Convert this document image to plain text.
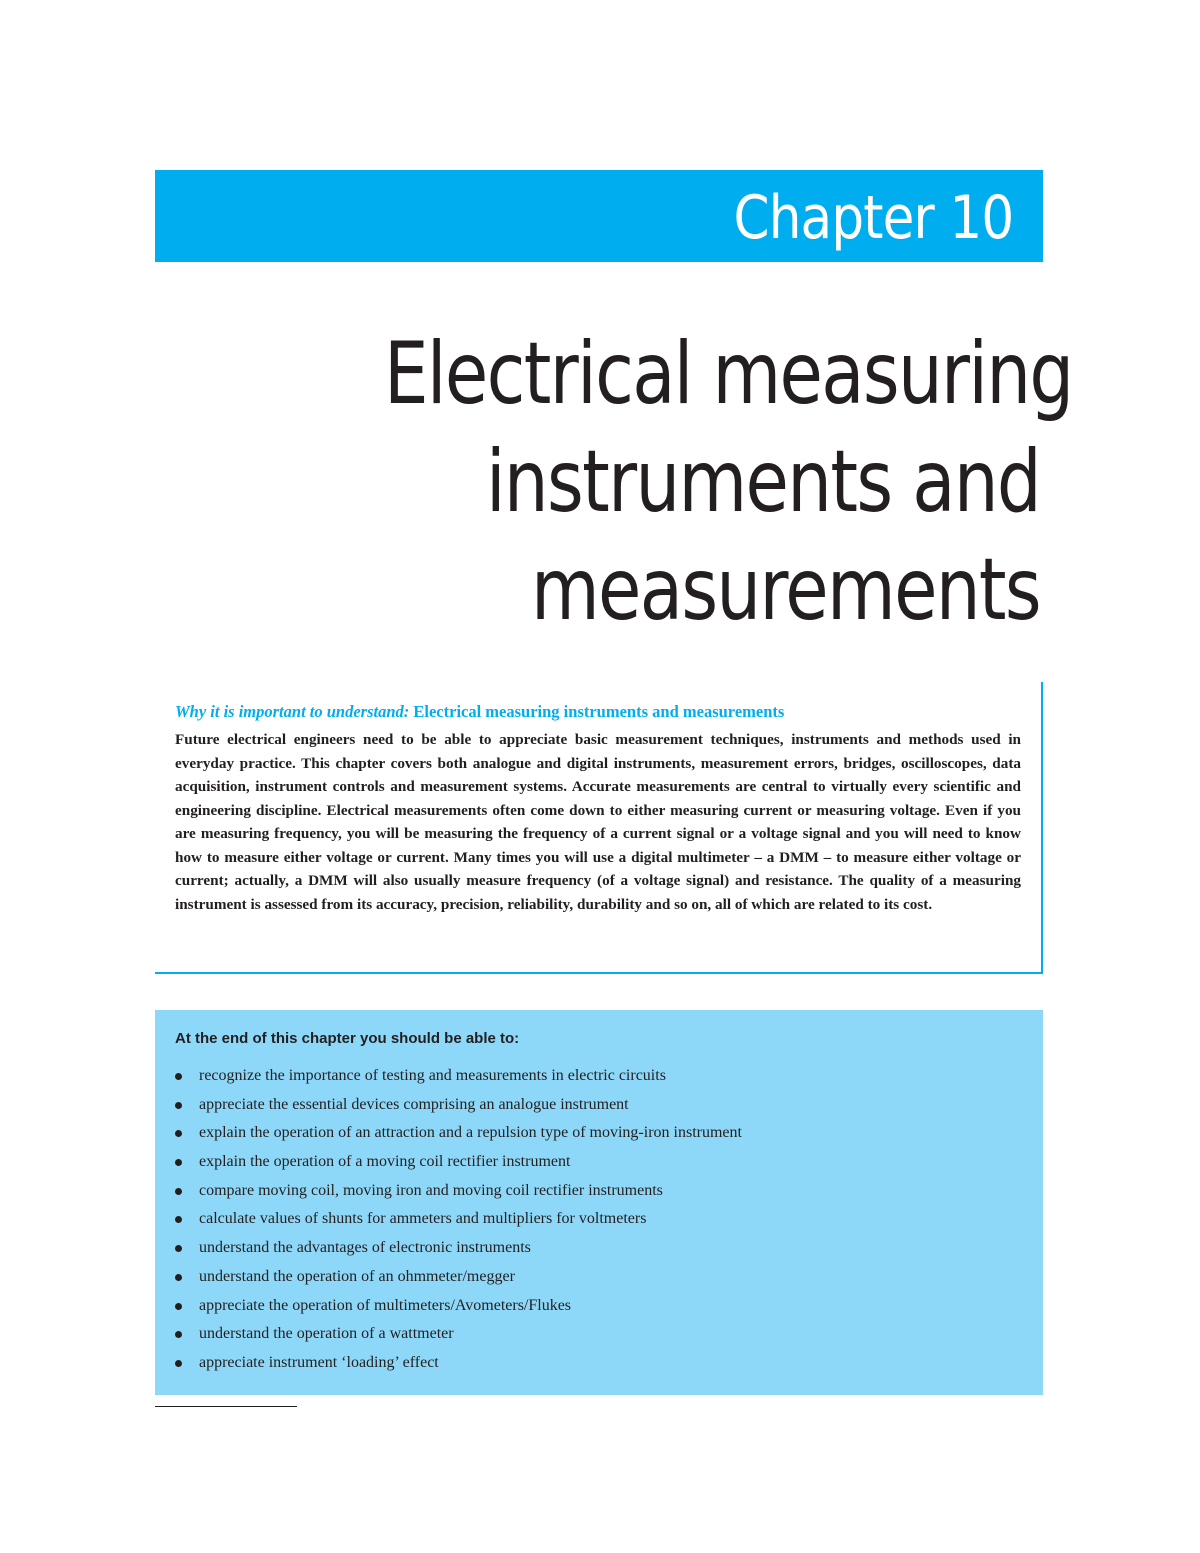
Chapter 10
Electrical measuring
instruments and
measurements
Why it is important to understand: Electrical measuring instruments and measurements

Future electrical engineers need to be able to appreciate basic measurement techniques, instruments and methods used in everyday practice. This chapter covers both analogue and digital instruments, measurement errors, bridges, oscilloscopes, data acquisition, instrument controls and measurement systems. Accurate measurements are central to virtually every scientific and engineering discipline. Electrical measurements often come down to either measuring current or measuring voltage. Even if you are measuring frequency, you will be measuring the frequency of a current signal or a voltage signal and you will need to know how to measure either voltage or current. Many times you will use a digital multimeter – a DMM – to measure either voltage or current; actually, a DMM will also usually measure frequency (of a voltage signal) and resistance. The quality of a measuring instrument is assessed from its accuracy, precision, reliability, durability and so on, all of which are related to its cost.

At the end of this chapter you should be able to:
recognize the importance of testing and measurements in electric circuits
appreciate the essential devices comprising an analogue instrument
explain the operation of an attraction and a repulsion type of moving-iron instrument
explain the operation of a moving coil rectifier instrument
compare moving coil, moving iron and moving coil rectifier instruments
calculate values of shunts for ammeters and multipliers for voltmeters
understand the advantages of electronic instruments
understand the operation of an ohmmeter/megger
appreciate the operation of multimeters/Avometers/Flukes
understand the operation of a wattmeter
appreciate instrument ‘loading’ effect
